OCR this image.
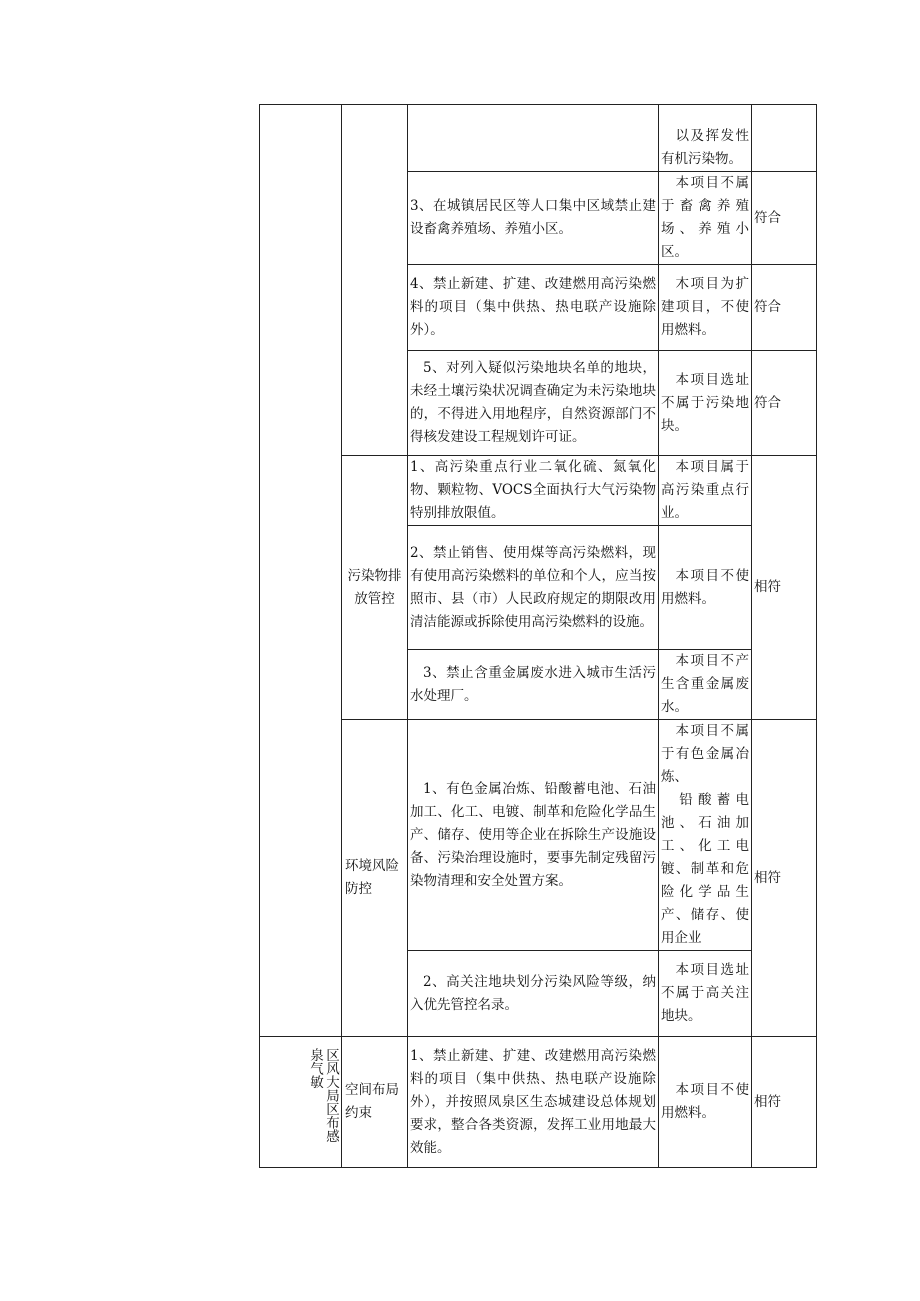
			以及挥发性有机污染物。	
		3、在城镇居民区等人口集中区域禁止建设畜禽养殖场、养殖小区。	本项目不属于畜禽养殖场、养殖小区。	符合
		4、禁止新建、扩建、改建燃用高污染燃料的项目（集中供热、热电联产设施除外）。	木项目为扩建项目，不使用燃料。	符合
		5、对列入疑似污染地块名单的地块，未经土壤污染状况调查确定为未污染地块的，不得进入用地程序，自然资源部门不得核发建设工程规划许可证。	本项目选址不属于污染地块。	符合
	污染物排放管控	1、高污染重点行业二氧化硫、氮氧化物、颗粒物、VOCS全面执行大气污染物特别排放限值。	本项目属于高污染重点行业。	相符
		2、禁止销售、使用煤等高污染燃料，现有使用高污染燃料的单位和个人，应当按照市、县（市）人民政府规定的期限改用清洁能源或拆除使用高污染燃料的设施。	本项目不使用燃料。	
		3、禁止含重金属废水进入城市生活污水处理厂。	本项目不产生含重金属废水。	
	环境风险防控	1、有色金属冶炼、铅酸蓄电池、石油加工、化工、电镀、制革和危险化学品生产、储存、使用等企业在拆除生产设施设备、污染治理设施时，要事先制定残留污染物清理和安全处置方案。	本项目不属于有色金属冶炼、
铅酸蓄电池、石油加工、化工电镀、制革和危险化学品生产、储存、使用企业	相符
		2、高关注地块划分污染风险等级，纳入优先管控名录。	本项目选址不属于高关注地块。	
区风大局区布感泉气敏	空间布局约束	1、禁止新建、扩建、改建燃用高污染燃料的项目（集中供热、热电联产设施除外），并按照凤泉区生态城建设总体规划要求，整合各类资源，发挥工业用地最大效能。	本项目不使用燃料。	相符
